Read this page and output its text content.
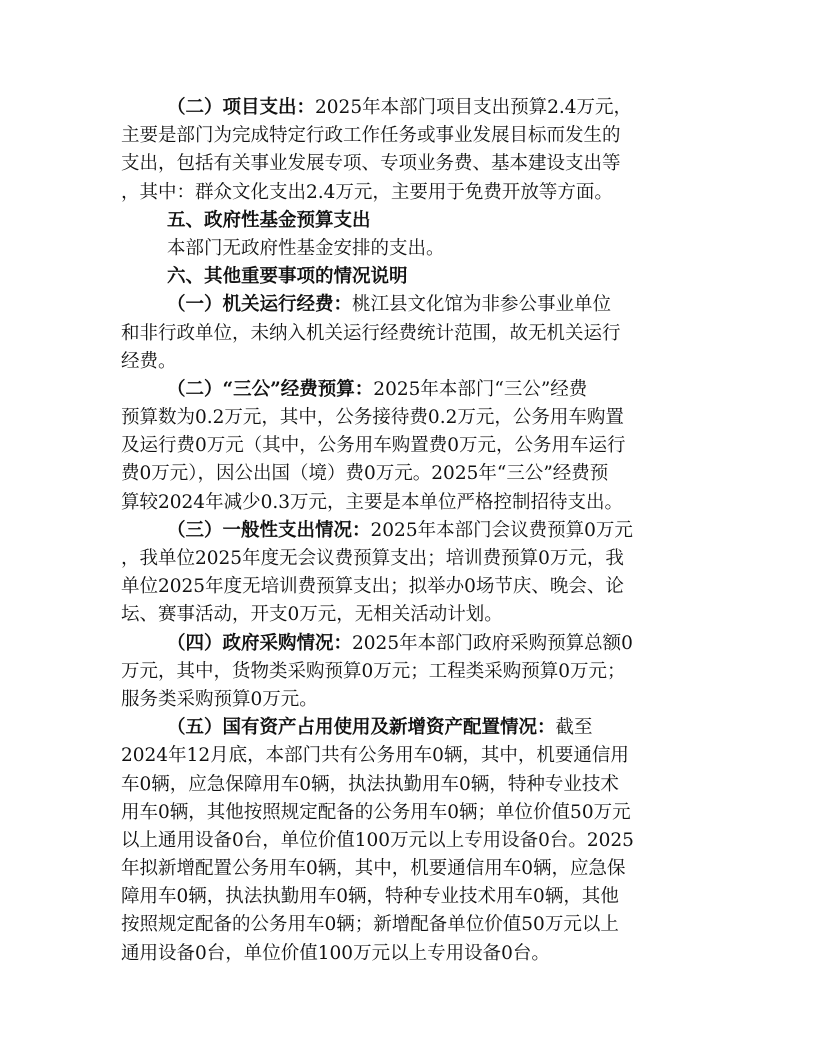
（二）项目支出：2025年本部门项目支出预算2.4万元，
主要是部门为完成特定行政工作任务或事业发展目标而发生的
支出，包括有关事业发展专项、专项业务费、基本建设支出等
，其中：群众文化支出2.4万元，主要用于免费开放等方面。
五、政府性基金预算支出
本部门无政府性基金安排的支出。
六、其他重要事项的情况说明
（一）机关运行经费：桃江县文化馆为非参公事业单位
和非行政单位，未纳入机关运行经费统计范围，故无机关运行
经费。
（二）“三公”经费预算：2025年本部门“三公”经费
预算数为0.2万元，其中，公务接待费0.2万元，公务用车购置
及运行费0万元（其中，公务用车购置费0万元，公务用车运行
费0万元），因公出国（境）费0万元。2025年“三公”经费预
算较2024年减少0.3万元，主要是本单位严格控制招待支出。
（三）一般性支出情况：2025年本部门会议费预算0万元
，我单位2025年度无会议费预算支出；培训费预算0万元，我
单位2025年度无培训费预算支出；拟举办0场节庆、晚会、论
坛、赛事活动，开支0万元，无相关活动计划。
（四）政府采购情况：2025年本部门政府采购预算总额0
万元，其中，货物类采购预算0万元；工程类采购预算0万元；
服务类采购预算0万元。
（五）国有资产占用使用及新增资产配置情况：截至
2024年12月底，本部门共有公务用车0辆，其中，机要通信用
车0辆，应急保障用车0辆，执法执勤用车0辆，特种专业技术
用车0辆，其他按照规定配备的公务用车0辆；单位价值50万元
以上通用设备0台，单位价值100万元以上专用设备0台。2025
年拟新增配置公务用车0辆，其中，机要通信用车0辆，应急保
障用车0辆，执法执勤用车0辆，特种专业技术用车0辆，其他
按照规定配备的公务用车0辆；新增配备单位价值50万元以上
通用设备0台，单位价值100万元以上专用设备0台。
